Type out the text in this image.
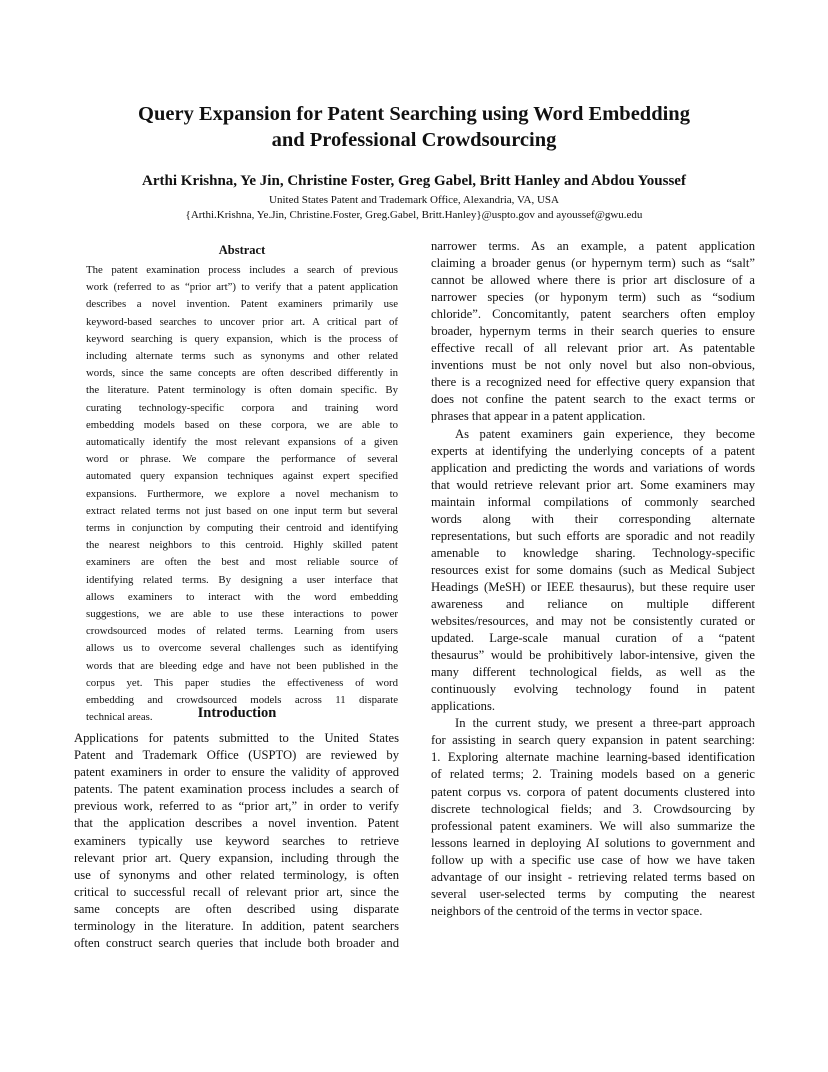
Query Expansion for Patent Searching using Word Embedding
and Professional Crowdsourcing
Arthi Krishna, Ye Jin, Christine Foster, Greg Gabel, Britt Hanley and Abdou Youssef
United States Patent and Trademark Office, Alexandria, VA, USA
{Arthi.Krishna, Ye.Jin, Christine.Foster, Greg.Gabel, Britt.Hanley}@uspto.gov and ayoussef@gwu.edu
Abstract
The patent examination process includes a search of previous
work (referred to as “prior art”) to verify that a patent application
describes a novel invention. Patent examiners primarily use
keyword-based searches to uncover prior art. A critical part of
keyword searching is query expansion, which is the process of
including alternate terms such as synonyms and other related
words, since the same concepts are often described differently in
the literature. Patent terminology is often domain specific. By
curating technology-specific corpora and training word
embedding models based on these corpora, we are able to
automatically identify the most relevant expansions of a given
word or phrase. We compare the performance of several
automated query expansion techniques against expert specified
expansions. Furthermore, we explore a novel mechanism to
extract related terms not just based on one input term but several
terms in conjunction by computing their centroid and identifying
the nearest neighbors to this centroid. Highly skilled patent
examiners are often the best and most reliable source of
identifying related terms. By designing a user interface that
allows examiners to interact with the word embedding
suggestions, we are able to use these interactions to power
crowdsourced modes of related terms. Learning from users
allows us to overcome several challenges such as identifying
words that are bleeding edge and have not been published in the
corpus yet. This paper studies the effectiveness of word
embedding and crowdsourced models across 11 disparate
technical areas.	Introduction
Applications for patents submitted to the United States
Patent and Trademark Office (USPTO) are reviewed by
patent examiners in order to ensure the validity of approved
patents. The patent examination process includes a search of
previous work, referred to as “prior art,” in order to verify
that the application describes a novel invention. Patent
examiners typically use keyword searches to retrieve
relevant prior art. Query expansion, including through the
use of synonyms and other related terminology, is often
critical to successful recall of relevant prior art, since the
same concepts are often described using disparate
terminology in the literature. In addition, patent searchers
often construct search queries that include both broader and
narrower terms. As an example, a patent application
claiming a broader genus (or hypernym term) such as “salt”
cannot be allowed where there is prior art disclosure of a
narrower species (or hyponym term) such as “sodium
chloride”. Concomitantly, patent searchers often employ
broader, hypernym terms in their search queries to ensure
effective recall of all relevant prior art. As patentable
inventions must be not only novel but also non-obvious,
there is a recognized need for effective query expansion that
does not confine the patent search to the exact terms or
phrases that appear in a patent application.
As patent examiners gain experience, they become
experts at identifying the underlying concepts of a patent
application and predicting the words and variations of words
that would retrieve relevant prior art. Some examiners may
maintain informal compilations of commonly searched
words along with their corresponding alternate
representations, but such efforts are sporadic and not readily
amenable to knowledge sharing. Technology-specific
resources exist for some domains (such as Medical Subject
Headings (MeSH) or IEEE thesaurus), but these require user
awareness and reliance on multiple different
websites/resources, and may not be consistently curated or
updated. Large-scale manual curation of a “patent
thesaurus” would be prohibitively labor-intensive, given the
many different technological fields, as well as the
continuously evolving technology found in patent
applications.
In the current study, we present a three-part approach
for assisting in search query expansion in patent searching:
1. Exploring alternate machine learning-based identification
of related terms; 2. Training models based on a generic
patent corpus vs. corpora of patent documents clustered into
discrete technological fields; and 3. Crowdsourcing by
professional patent examiners. We will also summarize the
lessons learned in deploying AI solutions to government and
follow up with a specific use case of how we have taken
advantage of our insight - retrieving related terms based on
several user-selected terms by computing the nearest
neighbors of the centroid of the terms in vector space.
